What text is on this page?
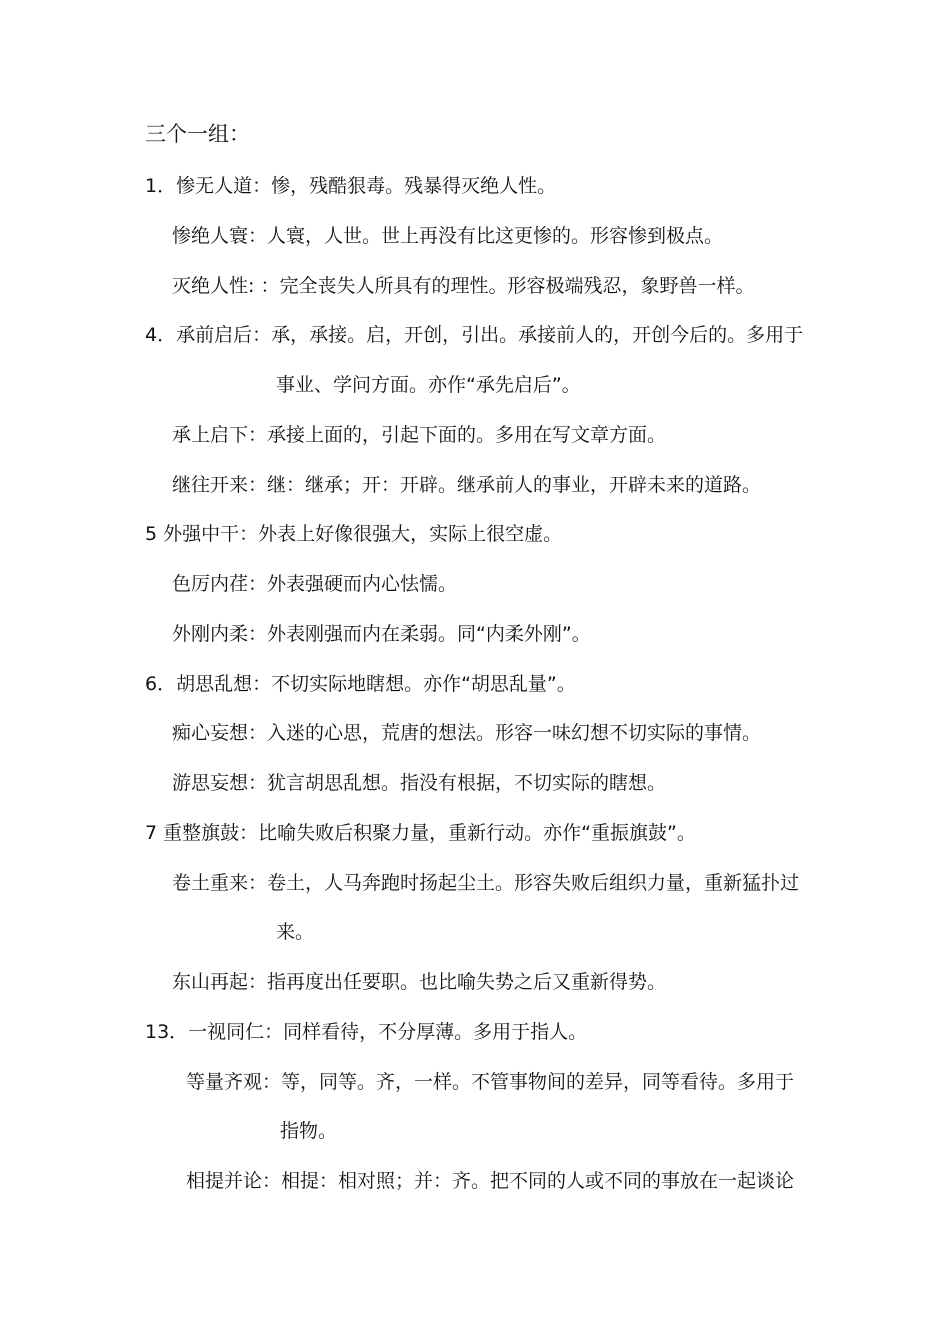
三个一组：
1．惨无人道：惨，残酷狠毒。残暴得灭绝人性。
惨绝人寰：人寰，人世。世上再没有比这更惨的。形容惨到极点。
灭绝人性: ：完全丧失人所具有的理性。形容极端残忍，象野兽一样。
4．承前启后：承，承接。启，开创，引出。承接前人的，开创今后的。多用于
事业、学问方面。亦作“承先启后”。
承上启下：承接上面的，引起下面的。多用在写文章方面。
继往开来：继：继承；开：开辟。继承前人的事业，开辟未来的道路。
5 外强中干：外表上好像很强大，实际上很空虚。
色厉内荏：外表强硬而内心怯懦。
外刚内柔：外表刚强而内在柔弱。同“内柔外刚”。
6．胡思乱想：不切实际地瞎想。亦作“胡思乱量”。
痴心妄想：入迷的心思，荒唐的想法。形容一味幻想不切实际的事情。
游思妄想：犹言胡思乱想。指没有根据，不切实际的瞎想。
7 重整旗鼓：比喻失败后积聚力量，重新行动。亦作“重振旗鼓”。
卷土重来：卷土，人马奔跑时扬起尘土。形容失败后组织力量，重新猛扑过
来。
东山再起：指再度出任要职。也比喻失势之后又重新得势。
13．一视同仁：同样看待，不分厚薄。多用于指人。
等量齐观：等，同等。齐，一样。不管事物间的差异，同等看待。多用于
指物。
相提并论：相提：相对照；并：齐。把不同的人或不同的事放在一起谈论
